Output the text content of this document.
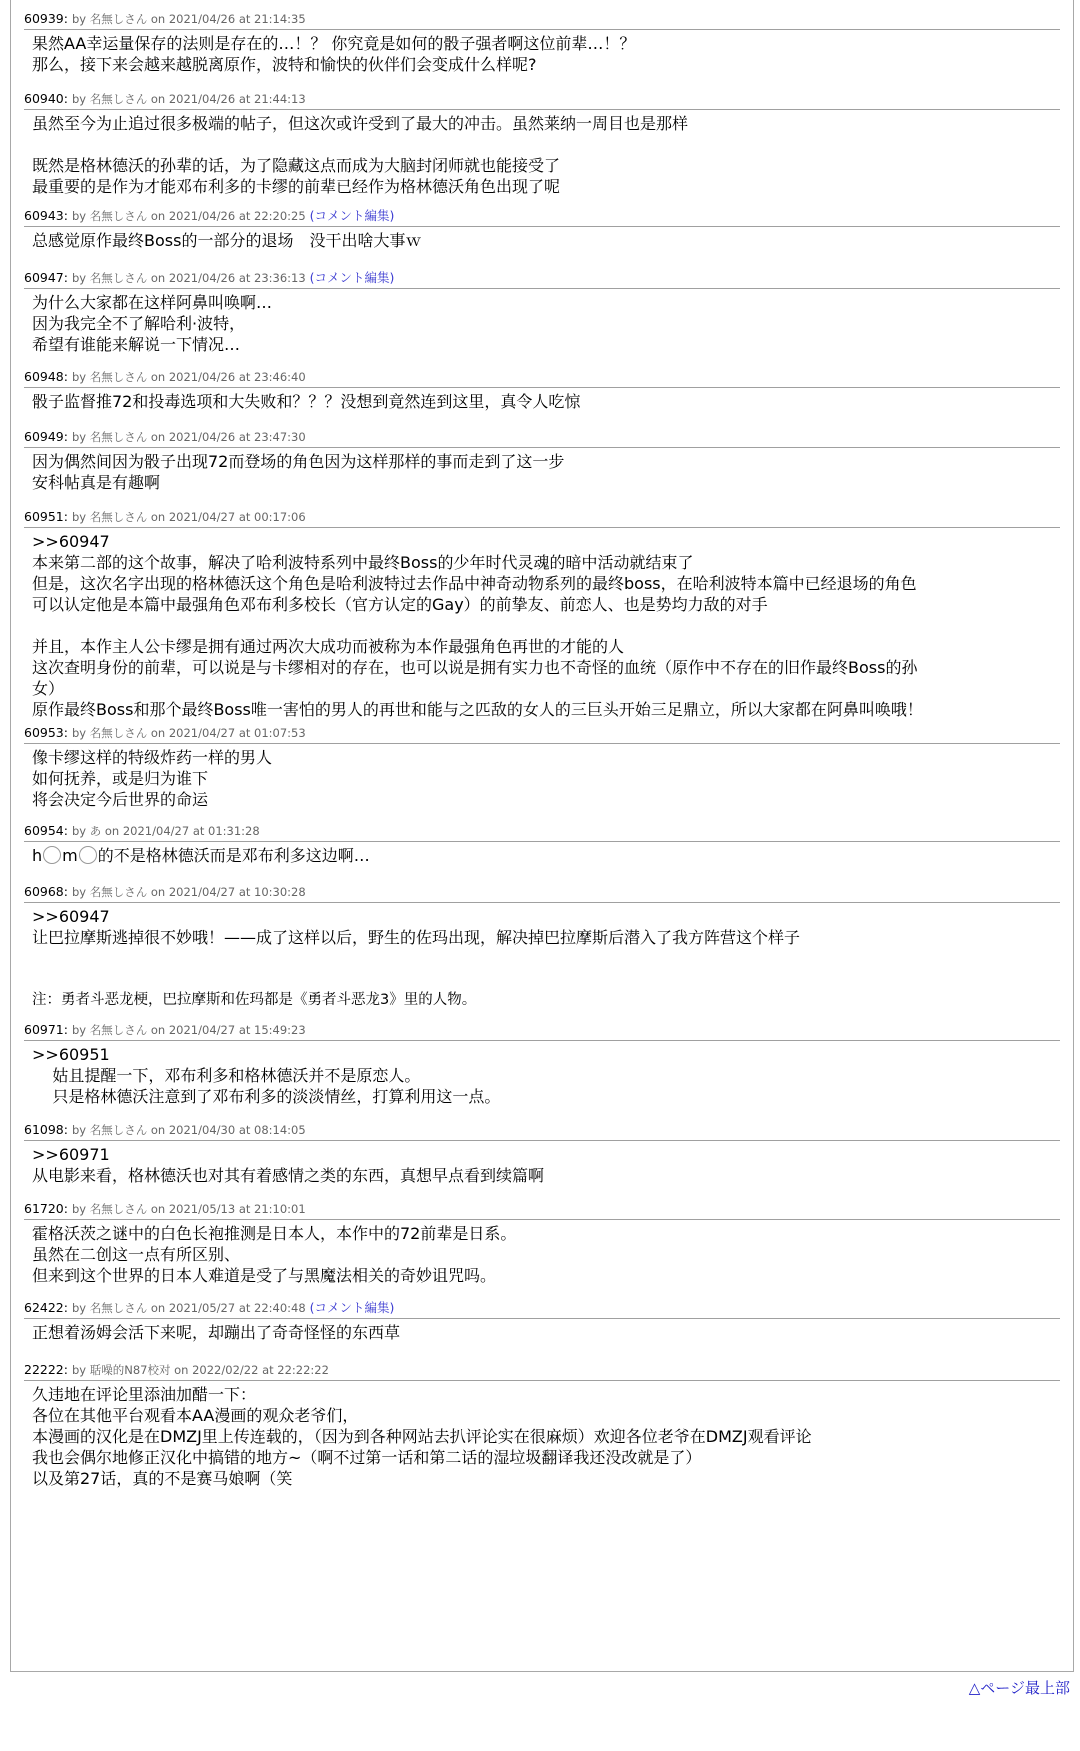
60939: by 名無しさん on 2021/04/26 at 21:14:35
果然AA幸运量保存的法则是存在的…！？ 你究竟是如何的骰子强者啊这位前辈…！？
那么，接下来会越来越脱离原作，波特和愉快的伙伴们会变成什么样呢?
60940: by 名無しさん on 2021/04/26 at 21:44:13
虽然至今为止追过很多极端的帖子，但这次或许受到了最大的冲击。虽然莱纳一周目也是那样
既然是格林德沃的孙辈的话，为了隐藏这点而成为大脑封闭师就也能接受了
最重要的是作为才能邓布利多的卡缪的前辈已经作为格林德沃角色出现了呢
60943: by 名無しさん on 2021/04/26 at 22:20:25 (コメント編集)
总感觉原作最终Boss的一部分的退场　没干出啥大事ｗ
60947: by 名無しさん on 2021/04/26 at 23:36:13 (コメント編集)
为什么大家都在这样阿鼻叫唤啊…
因为我完全不了解哈利·波特，
希望有谁能来解说一下情况…
60948: by 名無しさん on 2021/04/26 at 23:46:40
骰子监督推72和投毒选项和大失败和？？？没想到竟然连到这里，真令人吃惊
60949: by 名無しさん on 2021/04/26 at 23:47:30
因为偶然间因为骰子出现72而登场的角色因为这样那样的事而走到了这一步
安科帖真是有趣啊
60951: by 名無しさん on 2021/04/27 at 00:17:06
>>60947
本来第二部的这个故事，解决了哈利波特系列中最终Boss的少年时代灵魂的暗中活动就结束了
但是，这次名字出现的格林德沃这个角色是哈利波特过去作品中神奇动物系列的最终boss，在哈利波特本篇中已经退场的角色
可以认定他是本篇中最强角色邓布利多校长（官方认定的Gay）的前挚友、前恋人、也是势均力敌的对手
并且，本作主人公卡缪是拥有通过两次大成功而被称为本作最强角色再世的才能的人
这次查明身份的前辈，可以说是与卡缪相对的存在，也可以说是拥有实力也不奇怪的血统（原作中不存在的旧作最终Boss的孙
女）
原作最终Boss和那个最终Boss唯一害怕的男人的再世和能与之匹敌的女人的三巨头开始三足鼎立，所以大家都在阿鼻叫唤哦！
60953: by 名無しさん on 2021/04/27 at 01:07:53
像卡缪这样的特级炸药一样的男人
如何抚养，或是归为谁下
将会决定今后世界的命运
60954: by あ on 2021/04/27 at 01:31:28
h m 的不是格林德沃而是邓布利多这边啊…
60968: by 名無しさん on 2021/04/27 at 10:30:28
>>60947
让巴拉摩斯逃掉很不妙哦！——成了这样以后，野生的佐玛出现，解决掉巴拉摩斯后潜入了我方阵营这个样子
注：勇者斗恶龙梗，巴拉摩斯和佐玛都是《勇者斗恶龙3》里的人物。
60971: by 名無しさん on 2021/04/27 at 15:49:23
>>60951
姑且提醒一下，邓布利多和格林德沃并不是原恋人。
只是格林德沃注意到了邓布利多的淡淡情丝，打算利用这一点。
61098: by 名無しさん on 2021/04/30 at 08:14:05
>>60971
从电影来看，格林德沃也对其有着感情之类的东西，真想早点看到续篇啊
61720: by 名無しさん on 2021/05/13 at 21:10:01
霍格沃茨之谜中的白色长袍推测是日本人，本作中的72前辈是日系。
虽然在二创这一点有所区别、
但来到这个世界的日本人难道是受了与黑魔法相关的奇妙诅咒吗。
62422: by 名無しさん on 2021/05/27 at 22:40:48 (コメント編集)
正想着汤姆会活下来呢，却蹦出了奇奇怪怪的东西草
22222: by 聒噪的N87校对 on 2022/02/22 at 22:22:22
久违地在评论里添油加醋一下：
各位在其他平台观看本AA漫画的观众老爷们，
本漫画的汉化是在DMZJ里上传连载的，（因为到各种网站去扒评论实在很麻烦）欢迎各位老爷在DMZJ观看评论
我也会偶尔地修正汉化中搞错的地方~（啊不过第一话和第二话的湿垃圾翻译我还没改就是了）
以及第27话，真的不是赛马娘啊（笑
△ページ最上部
